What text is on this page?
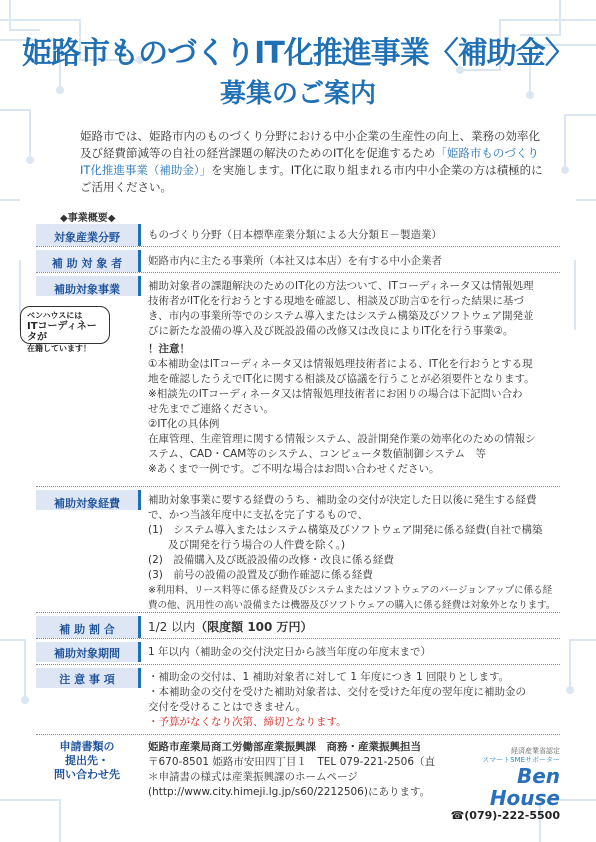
姫路市ものづくりIT化推進事業〈補助金〉
募集のご案内
姫路市では、姫路市内のものづくり分野における中小企業の生産性の向上、業務の効率化及び経費節減等の自社の経営課題の解決のためのIT化を促進するため「姫路市ものづくりIT化推進事業（補助金）」を実施します。IT化に取り組まれる市内中小企業の方は積極的にご活用ください。
◆事業概要◆
対象産業分野	ものづくり分野（日本標準産業分類による大分類Ｅ－製造業）
補 助 対 象 者	姫路市内に主たる事業所（本社又は本店）を有する中小企業者
補助対象事業	補助対象者の課題解決のためのIT化の方法ついて、ITコーディネータ又は情報処理
技術者がIT化を行おうとする現地を確認し、相談及び助言①を行った結果に基づ
き、市内の事業所等でのシステム導入またはシステム構築及びソフトウェア開発並
びに新たな設備の導入及び既設設備の改修又は改良によりIT化を行う事業②。
！注意！
①本補助金はITコーディネータ又は情報処理技術者による、IT化を行おうとする現
地を確認したうえでIT化に関する相談及び協議を行うことが必須要件となります。
※相談先のITコーディネータ又は情報処理技術者にお困りの場合は下記問い合わ
せ先までご連絡ください。
②IT化の具体例
在庫管理、生産管理に関する情報システム、設計開発作業の効率化のための情報シ
ステム、CAD・CAM等のシステム、コンピュータ数値制御システム　等
※あくまで一例です。ご不明な場合はお問い合わせください。
補助対象経費	補助対象事業に要する経費のうち、補助金の交付が決定した日以後に発生する経費
で、かつ当該年度中に支払を完了するもので、
(1)　システム導入またはシステム構築及びソフトウェア開発に係る経費(自社で構築
及び開発を行う場合の人件費を除く。)
(2)　設備購入及び既設設備の改修・改良に係る経費
(3)　前号の設備の設置及び動作確認に係る経費
※利用料、リース料等に係る経費及びシステムまたはソフトウェアのバージョンアップに係る経
費の他、汎用性の高い設備または機器及びソフトウェアの購入に係る経費は対象外となります。
補 助 割 合	1/2 以内（限度額 100 万円）
補助対象期間	1 年以内（補助金の交付決定日から該当年度の年度末まで）
注 意 事 項	・補助金の交付は、1 補助対象者に対して 1 年度につき 1 回限りとします。
・本補助金の交付を受けた補助対象者は、交付を受けた年度の翌年度に補助金の
交付を受けることはできません。
・予算がなくなり次第、締切となります。
申請書類の
提出先・
問い合わせ先
姫路市産業局商工労働部産業振興課　商務・産業振興担当
〒670-8501 姫路市安田四丁目１　TEL 079-221-2506（直
＊申請書の様式は産業振興課のホームページ
(http://www.city.himeji.lg.jp/s60/2212506)にあります。
ベンハウスには
ITコーディネータが
在籍しています！
経済産業省認定
スマートSMEサポーター
Ben House
☎(079)-222-5500
